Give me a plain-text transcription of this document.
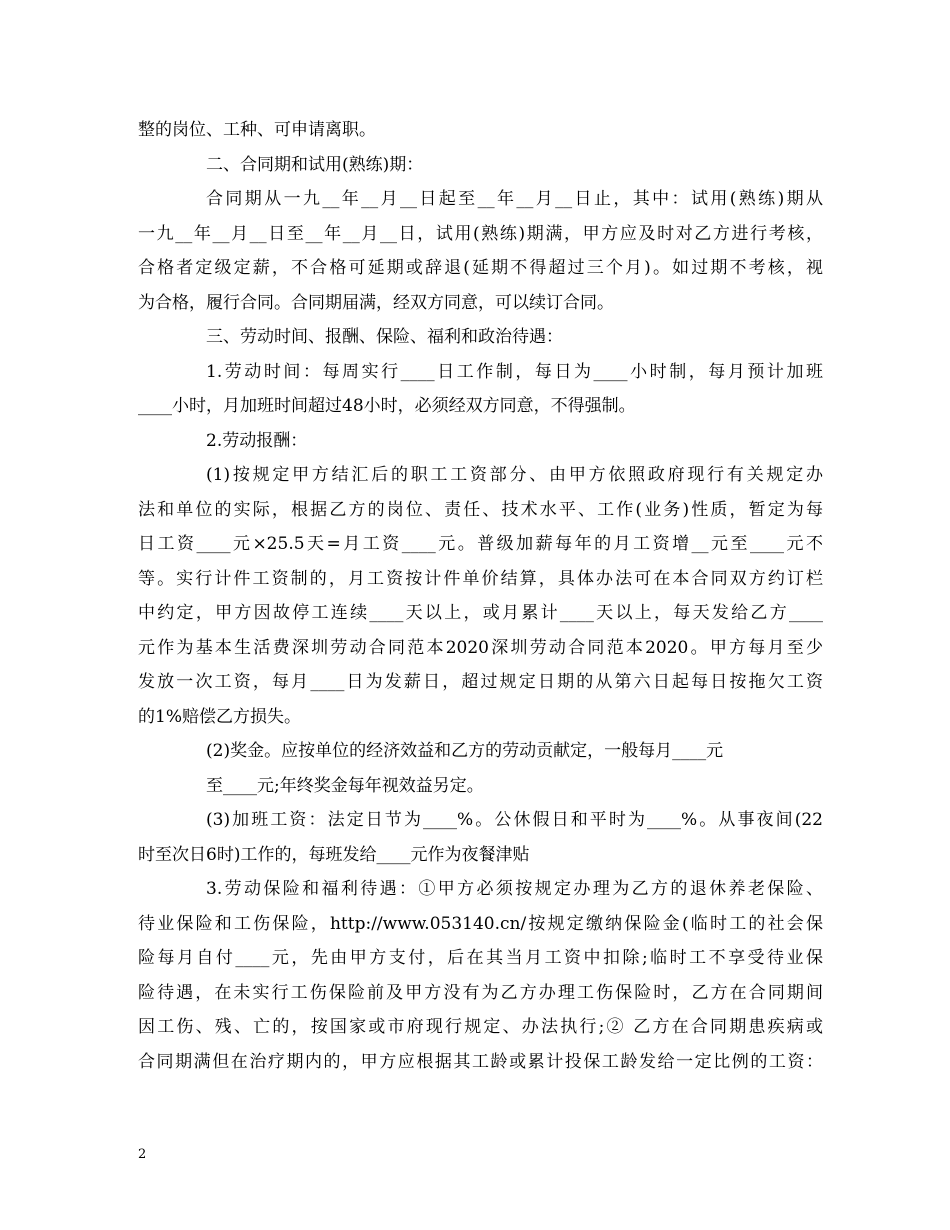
整的岗位、工种、可申请离职。
二、合同期和试用(熟练)期：
合同期从一九__年__月__日起至__年__月__日止，其中：试用(熟练)期从
一九__年__月__日至__年__月__日，试用(熟练)期满，甲方应及时对乙方进行考核，
合格者定级定薪，不合格可延期或辞退(延期不得超过三个月)。如过期不考核，视
为合格，履行合同。合同期届满，经双方同意，可以续订合同。
三、劳动时间、报酬、保险、福利和政治待遇：
1.劳动时间：每周实行____日工作制，每日为____小时制，每月预计加班
____小时，月加班时间超过48小时，必须经双方同意，不得强制。
2.劳动报酬：
(1)按规定甲方结汇后的职工工资部分、由甲方依照政府现行有关规定办
法和单位的实际，根据乙方的岗位、责任、技术水平、工作(业务)性质，暂定为每
日工资____元×25.5天=月工资____元。普级加薪每年的月工资增__元至____元不
等。实行计件工资制的，月工资按计件单价结算，具体办法可在本合同双方约订栏
中约定，甲方因故停工连续____天以上，或月累计____天以上，每天发给乙方____
元作为基本生活费深圳劳动合同范本2020深圳劳动合同范本2020。甲方每月至少
发放一次工资，每月____日为发薪日，超过规定日期的从第六日起每日按拖欠工资
的1%赔偿乙方损失。
(2)奖金。应按单位的经济效益和乙方的劳动贡献定，一般每月____元
至____元;年终奖金每年视效益另定。
(3)加班工资：法定日节为____%。公休假日和平时为____%。从事夜间(22
时至次日6时)工作的，每班发给____元作为夜餐津贴
3.劳动保险和福利待遇：①甲方必须按规定办理为乙方的退休养老保险、
待业保险和工伤保险，http://www.053140.cn/按规定缴纳保险金(临时工的社会保
险每月自付____元，先由甲方支付，后在其当月工资中扣除;临时工不享受待业保
险待遇，在未实行工伤保险前及甲方没有为乙方办理工伤保险时，乙方在合同期间
因工伤、残、亡的，按国家或市府现行规定、办法执行;② 乙方在合同期患疾病或
合同期满但在治疗期内的，甲方应根据其工龄或累计投保工龄发给一定比例的工资：
2
